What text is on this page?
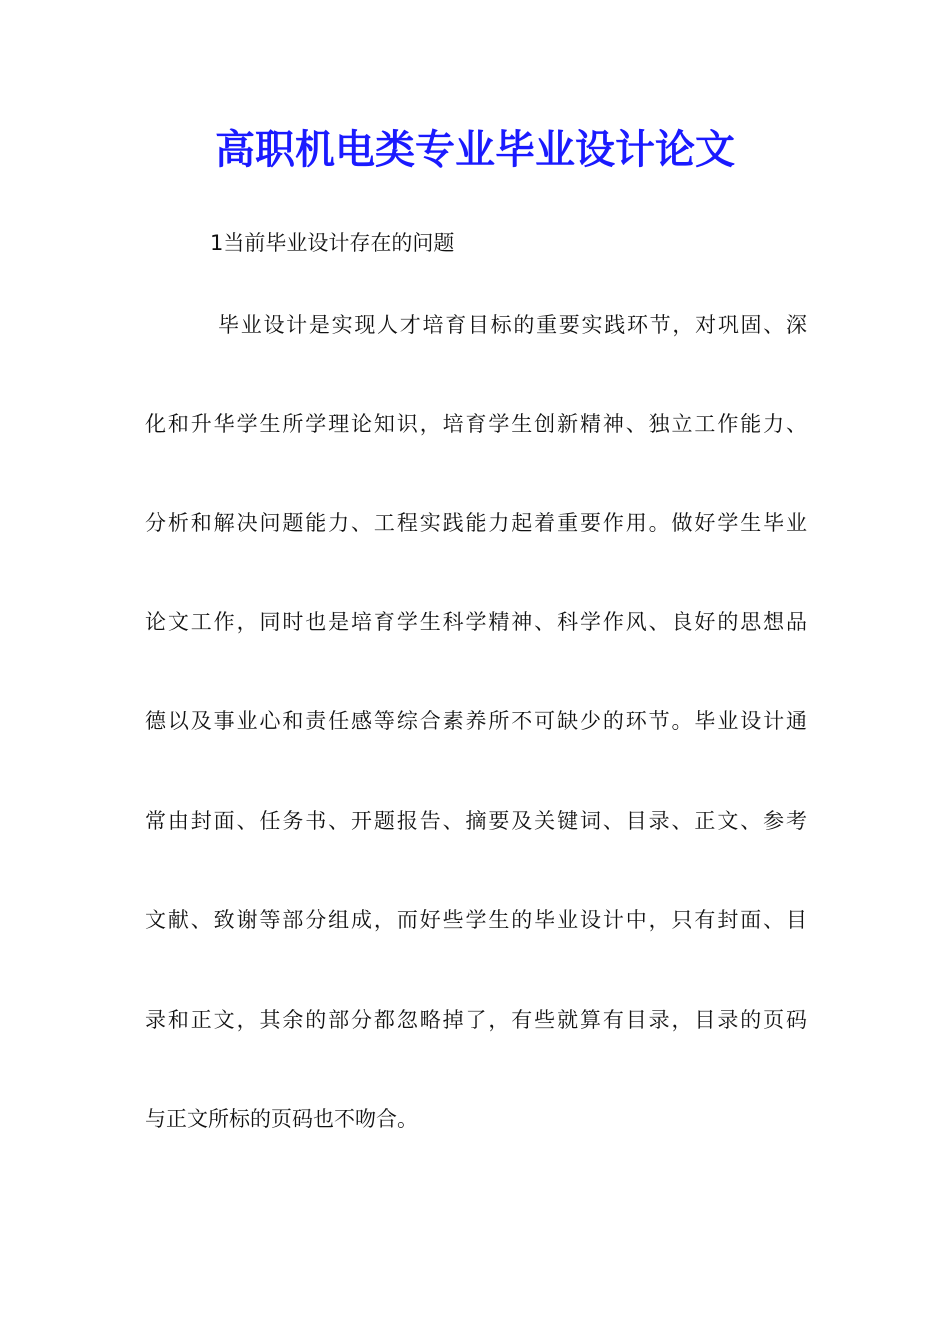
高职机电类专业毕业设计论文

1当前毕业设计存在的问题

毕业设计是实现人才培育目标的重要实践环节，对巩固、深

化和升华学生所学理论知识，培育学生创新精神、独立工作能力、

分析和解决问题能力、工程实践能力起着重要作用。做好学生毕业

论文工作，同时也是培育学生科学精神、科学作风、良好的思想品

德以及事业心和责任感等综合素养所不可缺少的环节。毕业设计通

常由封面、任务书、开题报告、摘要及关键词、目录、正文、参考

文献、致谢等部分组成，而好些学生的毕业设计中，只有封面、目

录和正文，其余的部分都忽略掉了，有些就算有目录，目录的页码

与正文所标的页码也不吻合。
